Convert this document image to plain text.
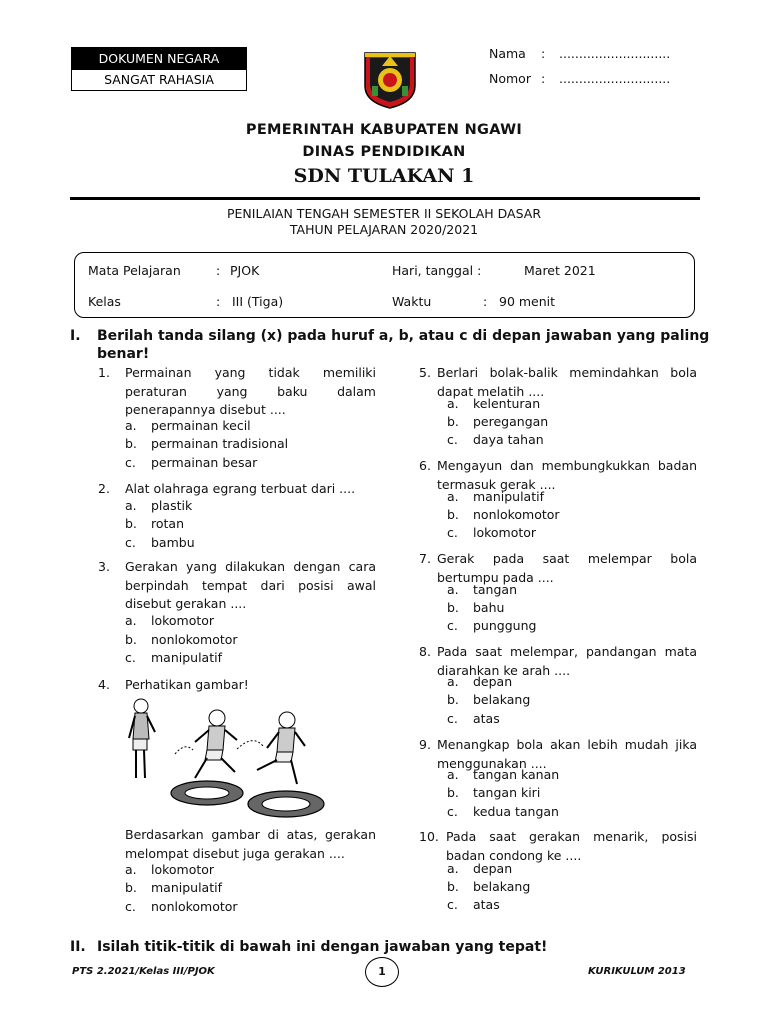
DOKUMEN NEGARA
SANGAT RAHASIA
Nama : ............................
Nomor : ............................
PEMERINTAH KABUPATEN NGAWI
DINAS PENDIDIKAN
SDN TULAKAN 1
PENILAIAN TENGAH SEMESTER II SEKOLAH DASAR
TAHUN PELAJARAN 2020/2021
Mata Pelajaran	: PJOK	Hari, tanggal :	Maret 2021
Kelas	: III (Tiga)	Waktu	: 90 menit
I. Berilah tanda silang (x) pada huruf a, b, atau c di depan jawaban yang paling
benar!
1. Permainan yang tidak memiliki peraturan yang baku dalam penerapannya disebut ....
a. permainan kecil
b. permainan tradisional
c. permainan besar
2. Alat olahraga egrang terbuat dari ....
a. plastik
b. rotan
c. bambu
3. Gerakan yang dilakukan dengan cara berpindah tempat dari posisi awal disebut gerakan ....
a. lokomotor
b. nonlokomotor
c. manipulatif
4. Perhatikan gambar!
Berdasarkan gambar di atas, gerakan melompat disebut juga gerakan ....
a. lokomotor
b. manipulatif
c. nonlokomotor
5. Berlari bolak-balik memindahkan bola dapat melatih ....
a. kelenturan
b. peregangan
c. daya tahan
6. Mengayun dan membungkukkan badan termasuk gerak ....
a. manipulatif
b. nonlokomotor
c. lokomotor
7. Gerak pada saat melempar bola bertumpu pada ....
a. tangan
b. bahu
c. punggung
8. Pada saat melempar, pandangan mata diarahkan ke arah ....
a. depan
b. belakang
c. atas
9. Menangkap bola akan lebih mudah jika menggunakan ....
a. tangan kanan
b. tangan kiri
c. kedua tangan
10. Pada saat gerakan menarik, posisi badan condong ke ....
a. depan
b. belakang
c. atas
II. Isilah titik-titik di bawah ini dengan jawaban yang tepat!
PTS 2.2021/Kelas III/PJOK	1	KURIKULUM 2013
